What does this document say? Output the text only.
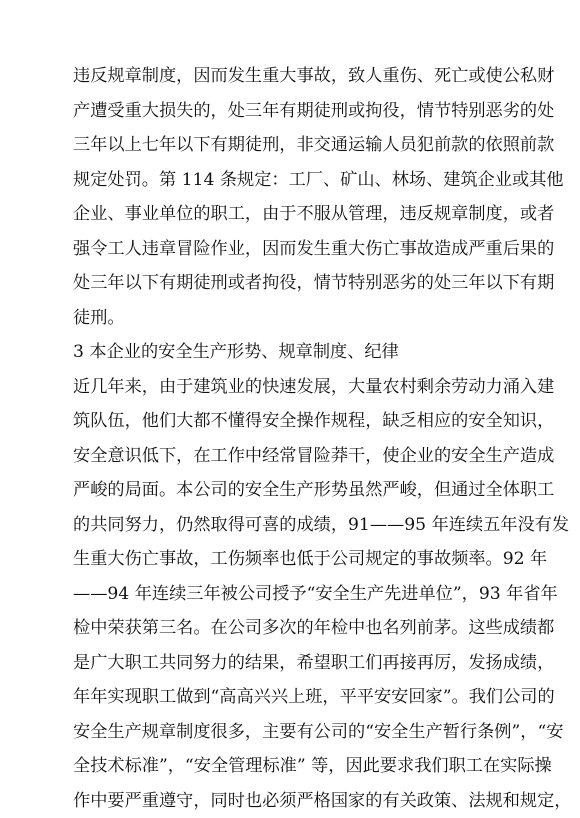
违反规章制度，因而发生重大事故，致人重伤、死亡或使公私财
产遭受重大损失的，处三年有期徒刑或拘役，情节特别恶劣的处
三年以上七年以下有期徒刑，非交通运输人员犯前款的依照前款
规定处罚。第 114 条规定：工厂、矿山、林场、建筑企业或其他
企业、事业单位的职工，由于不服从管理，违反规章制度，或者
强令工人违章冒险作业，因而发生重大伤亡事故造成严重后果的
处三年以下有期徒刑或者拘役，情节特别恶劣的处三年以下有期
徒刑。
3 本企业的安全生产形势、规章制度、纪律
近几年来，由于建筑业的快速发展，大量农村剩余劳动力涌入建
筑队伍，他们大都不懂得安全操作规程，缺乏相应的安全知识，
安全意识低下，在工作中经常冒险莽干，使企业的安全生产造成
严峻的局面。本公司的安全生产形势虽然严峻，但通过全体职工
的共同努力，仍然取得可喜的成绩，91——95 年连续五年没有发
生重大伤亡事故，工伤频率也低于公司规定的事故频率。92 年
——94 年连续三年被公司授予“安全生产先进单位”，93 年省年
检中荣获第三名。在公司多次的年检中也名列前茅。这些成绩都
是广大职工共同努力的结果，希望职工们再接再厉，发扬成绩，
年年实现职工做到“高高兴兴上班，平平安安回家”。我们公司的
安全生产规章制度很多，主要有公司的“安全生产暂行条例”，“安
全技术标准”，“安全管理标准” 等，因此要求我们职工在实际操
作中要严重遵守，同时也必须严格国家的有关政策、法规和规定，
